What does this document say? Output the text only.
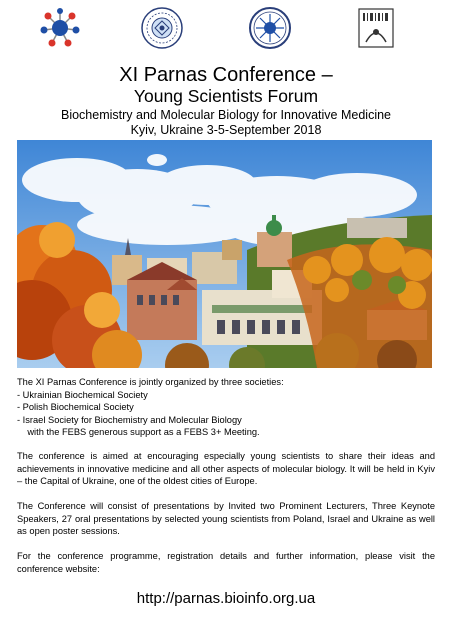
XI Parnas Conference –
Young Scientists Forum
Biochemistry and Molecular Biology for Innovative Medicine
Kyiv, Ukraine 3-5-September 2018
The XI Parnas Conference is jointly organized by three societies:
- Ukrainian Biochemical Society
- Polish Biochemical Society
- Israel Society for Biochemistry and Molecular Biology
with the FEBS generous support as a FEBS 3+ Meeting.
The conference is aimed at encouraging especially young scientists to share their ideas and achievements in innovative medicine and all other aspects of molecular biology. It will be held in Kyiv – the Capital of Ukraine, one of the oldest cities of Europe.
The Conference will consist of presentations by Invited two Prominent Lecturers, Three Keynote Speakers, 27 oral presentations by selected young scientists from Poland, Israel and Ukraine as well as open poster sessions.
For the conference programme, registration details and further information, please visit the conference website:
http://parnas.bioinfo.org.ua
